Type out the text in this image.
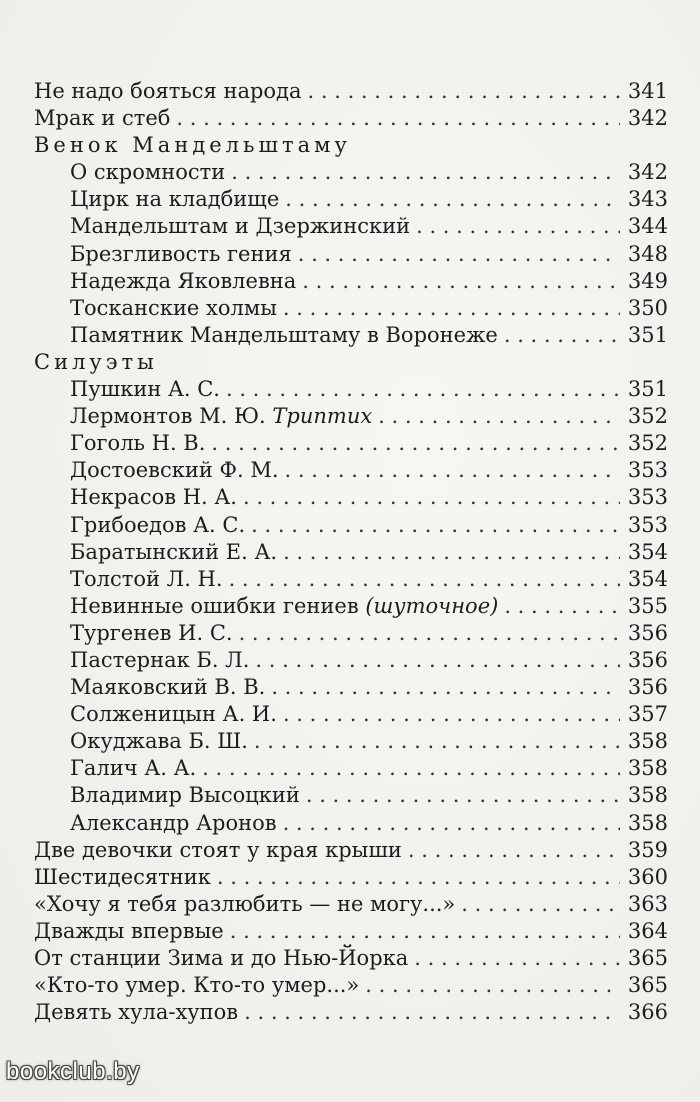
Не надо бояться народа . . .	341
Мрак и стеб . . .	342
Венок Мандельштаму
О скромности . . .	342
Цирк на кладбище . . .	343
Мандельштам и Дзержинский . . .	344
Брезгливость гения . . .	348
Надежда Яковлевна . . .	349
Тосканские холмы . . .	350
Памятник Мандельштаму в Воронеже . . .	351
Силуэты
Пушкин А. С. . . .	351
Лермонтов М. Ю. Триптих . . .	352
Гоголь Н. В. . . .	352
Достоевский Ф. М. . . .	353
Некрасов Н. А. . . .	353
Грибоедов А. С. . . .	353
Баратынский Е. А. . . .	354
Толстой Л. Н. . . .	354
Невинные ошибки гениев (шуточное) . . .	355
Тургенев И. С. . . .	356
Пастернак Б. Л. . . .	356
Маяковский В. В. . . .	356
Солженицын А. И. . . .	357
Окуджава Б. Ш. . . .	358
Галич А. А. . . .	358
Владимир Высоцкий . . .	358
Александр Аронов . . .	358
Две девочки стоят у края крыши . . .	359
Шестидесятник . . .	360
«Хочу я тебя разлюбить — не могу...» . . .	363
Дважды впервые . . .	364
От станции Зима и до Нью-Йорка . . .	365
«Кто-то умер. Кто-то умер...» . . .	365
Девять хула-хупов . . .	366
bookclub.by
